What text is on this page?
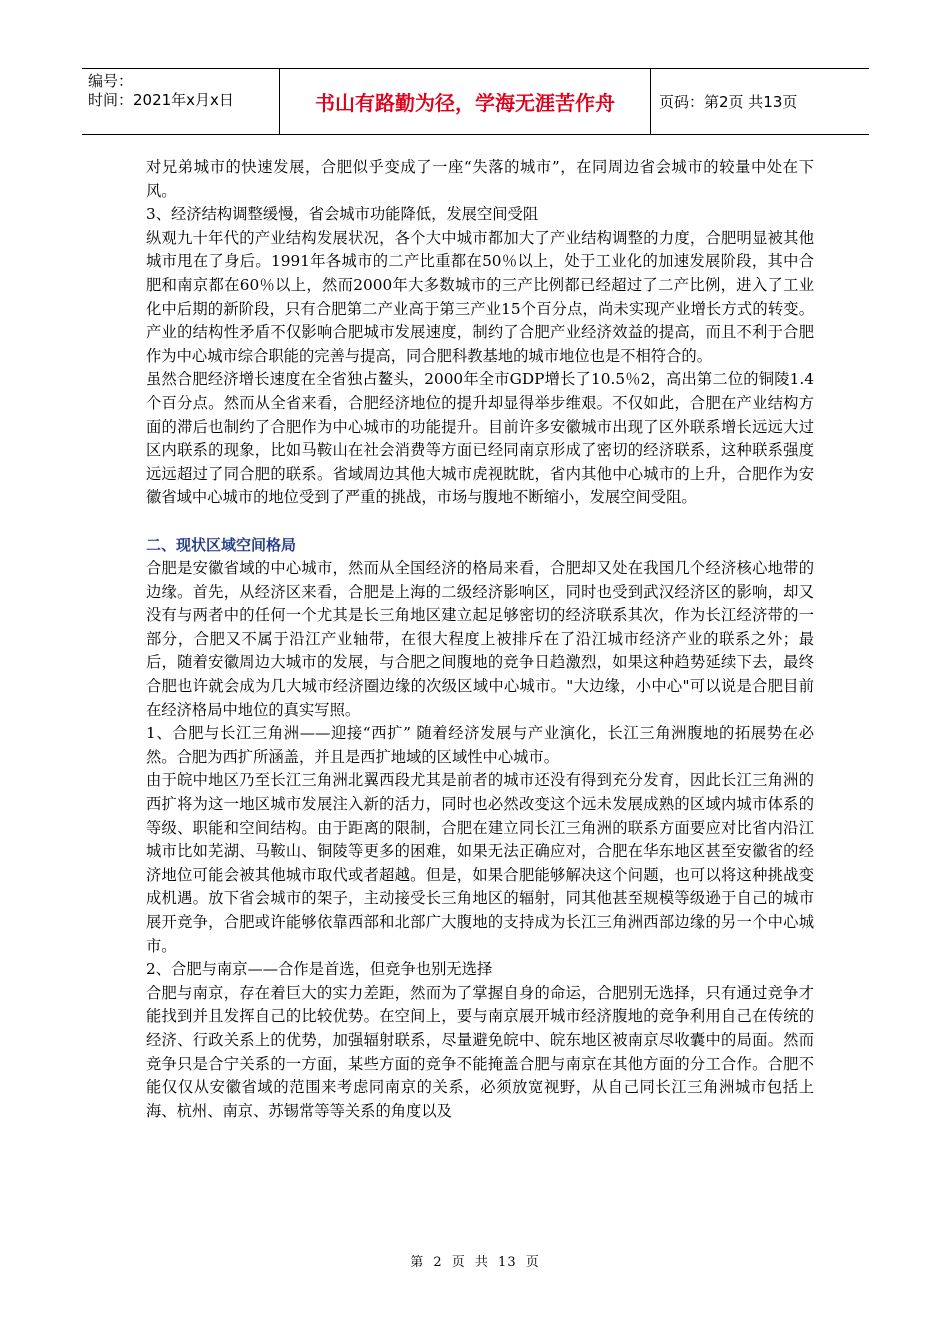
编号：
时间：2021年x月x日	书山有路勤为径，学海无涯苦作舟	页码：第2页 共13页

对兄弟城市的快速发展，合肥似乎变成了一座“失落的城市”，在同周边省会城市的较量中处在下风。

3、经济结构调整缓慢，省会城市功能降低，发展空间受阻

纵观九十年代的产业结构发展状况，各个大中城市都加大了产业结构调整的力度，合肥明显被其他城市甩在了身后。1991年各城市的二产比重都在50％以上，处于工业化的加速发展阶段，其中合肥和南京都在60％以上，然而2000年大多数城市的三产比例都已经超过了二产比例，进入了工业化中后期的新阶段，只有合肥第二产业高于第三产业15个百分点，尚未实现产业增长方式的转变。产业的结构性矛盾不仅影响合肥城市发展速度，制约了合肥产业经济效益的提高，而且不利于合肥作为中心城市综合职能的完善与提高，同合肥科教基地的城市地位也是不相符合的。

虽然合肥经济增长速度在全省独占鳌头，2000年全市GDP增长了10.5％2，高出第二位的铜陵1.4个百分点。然而从全省来看，合肥经济地位的提升却显得举步维艰。不仅如此，合肥在产业结构方面的滞后也制约了合肥作为中心城市的功能提升。目前许多安徽城市出现了区外联系增长远远大过区内联系的现象，比如马鞍山在社会消费等方面已经同南京形成了密切的经济联系，这种联系强度远远超过了同合肥的联系。省域周边其他大城市虎视眈眈，省内其他中心城市的上升，合肥作为安徽省域中心城市的地位受到了严重的挑战，市场与腹地不断缩小，发展空间受阻。

二、现状区域空间格局

合肥是安徽省域的中心城市，然而从全国经济的格局来看，合肥却又处在我国几个经济核心地带的边缘。首先，从经济区来看，合肥是上海的二级经济影响区，同时也受到武汉经济区的影响，却又没有与两者中的任何一个尤其是长三角地区建立起足够密切的经济联系其次，作为长江经济带的一部分，合肥又不属于沿江产业轴带，在很大程度上被排斥在了沿江城市经济产业的联系之外；最后，随着安徽周边大城市的发展，与合肥之间腹地的竞争日趋激烈，如果这种趋势延续下去，最终合肥也许就会成为几大城市经济圈边缘的次级区域中心城市。"大边缘，小中心"可以说是合肥目前在经济格局中地位的真实写照。

1、合肥与长江三角洲——迎接“西扩” 随着经济发展与产业演化，长江三角洲腹地的拓展势在必然。合肥为西扩所涵盖，并且是西扩地域的区域性中心城市。

由于皖中地区乃至长江三角洲北翼西段尤其是前者的城市还没有得到充分发育，因此长江三角洲的西扩将为这一地区城市发展注入新的活力，同时也必然改变这个远未发展成熟的区域内城市体系的等级、职能和空间结构。由于距离的限制，合肥在建立同长江三角洲的联系方面要应对比省内沿江城市比如芜湖、马鞍山、铜陵等更多的困难，如果无法正确应对，合肥在华东地区甚至安徽省的经济地位可能会被其他城市取代或者超越。但是，如果合肥能够解决这个问题，也可以将这种挑战变成机遇。放下省会城市的架子，主动接受长三角地区的辐射，同其他甚至规模等级逊于自己的城市展开竞争，合肥或许能够依靠西部和北部广大腹地的支持成为长江三角洲西部边缘的另一个中心城市。

2、合肥与南京——合作是首选，但竞争也别无选择

合肥与南京，存在着巨大的实力差距，然而为了掌握自身的命运，合肥别无选择，只有通过竞争才能找到并且发挥自己的比较优势。在空间上，要与南京展开城市经济腹地的竞争利用自己在传统的经济、行政关系上的优势，加强辐射联系，尽量避免皖中、皖东地区被南京尽收囊中的局面。然而竞争只是合宁关系的一方面，某些方面的竞争不能掩盖合肥与南京在其他方面的分工合作。合肥不能仅仅从安徽省域的范围来考虑同南京的关系，必须放宽视野，从自己同长江三角洲城市包括上海、杭州、南京、苏锡常等等关系的角度以及

第 2 页 共 13 页
